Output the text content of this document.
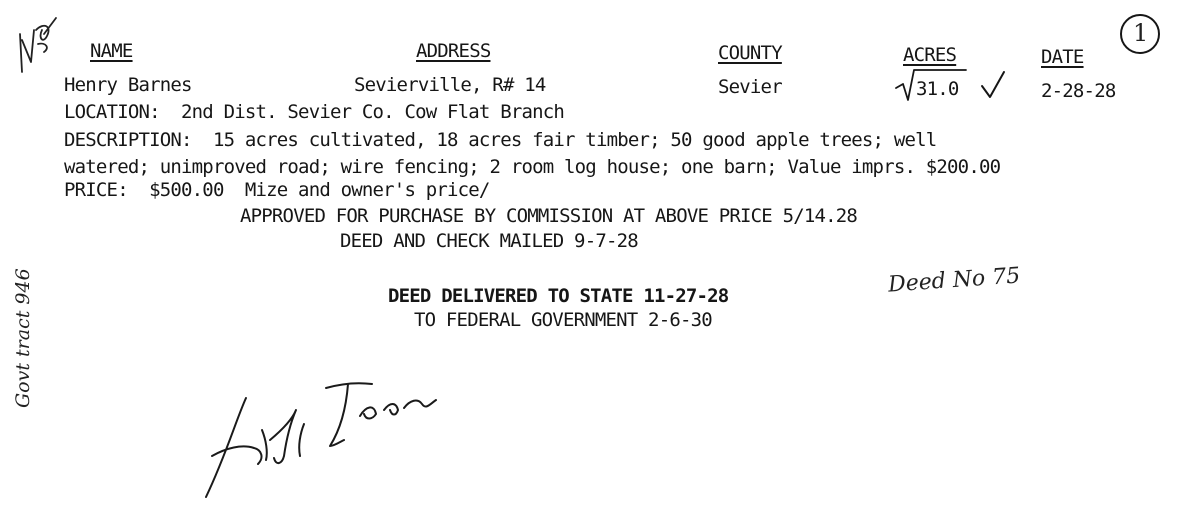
NAME	ADDRESS	COUNTY	ACRES	DATE
1
Henry Barnes	Sevierville, R# 14	Sevier	31.0	2-28-28
LOCATION:  2nd Dist. Sevier Co. Cow Flat Branch
DESCRIPTION:  15 acres cultivated, 18 acres fair timber; 50 good apple trees; well
watered; unimproved road; wire fencing; 2 room log house; one barn; Value imprs. $200.00
PRICE:  $500.00  Mize and owner's price/
APPROVED FOR PURCHASE BY COMMISSION AT ABOVE PRICE 5/14.28
DEED AND CHECK MAILED 9-7-28
DEED DELIVERED TO STATE 11-27-28
TO FEDERAL GOVERNMENT 2-6-30
Deed No 75
Govt tract 946
